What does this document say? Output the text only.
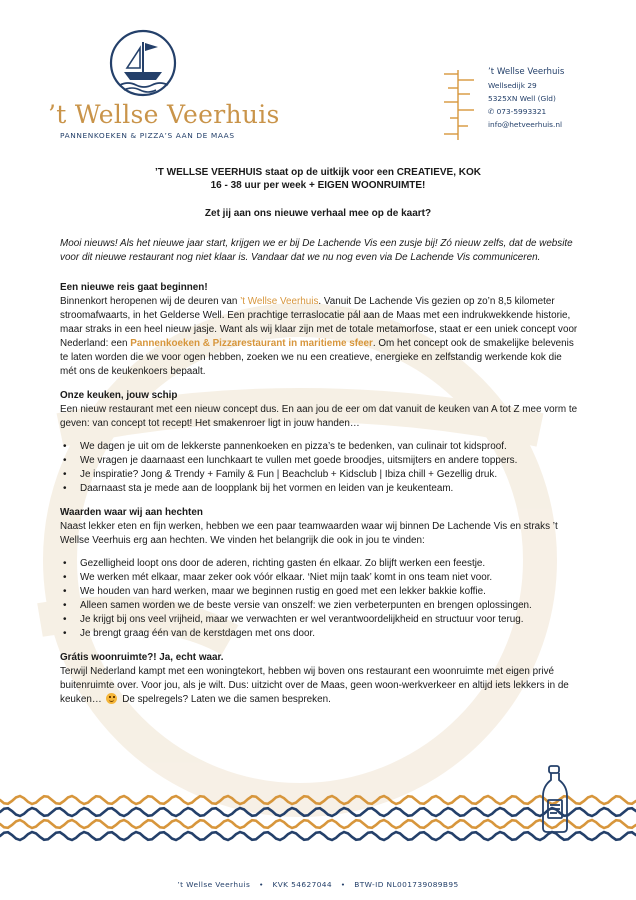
’t Wellse Veerhuis
PANNENKOEKEN & PIZZA’S AAN DE MAAS
’t Wellse Veerhuis
Wellsedijk 29
5325XN Well (Gld)
✆ 073-5993321
info@hetveerhuis.nl
’T WELLSE VEERHUIS staat op de uitkijk voor een CREATIEVE, KOK
16 - 38 uur per week + EIGEN WOONRUIMTE!
Zet jij aan ons nieuwe verhaal mee op de kaart?

Mooi nieuws! Als het nieuwe jaar start, krijgen we er bij De Lachende Vis een zusje bij! Zó nieuw zelfs, dat de website voor dit nieuwe restaurant nog niet klaar is. Vandaar dat we nu nog even via De Lachende Vis communiceren.

Een nieuwe reis gaat beginnen!

Binnenkort heropenen wij de deuren van ’t Wellse Veerhuis. Vanuit De Lachende Vis gezien op zo’n 8,5 kilometer stroomafwaarts, in het Gelderse Well. Een prachtige terraslocatie pál aan de Maas met een indrukwekkende historie, maar straks in een heel nieuw jasje. Want als wij klaar zijn met de totale metamorfose, staat er een uniek concept voor Nederland: een Pannenkoeken & Pizzarestaurant in maritieme sfeer. Om het concept ook de smakelijke belevenis te laten worden die we voor ogen hebben, zoeken we nu een creatieve, energieke en zelfstandig werkende kok die mét ons de keukenkoers bepaalt.

Onze keuken, jouw schip

Een nieuw restaurant met een nieuw concept dus. En aan jou de eer om dat vanuit de keuken van A tot Z mee vorm te geven: van concept tot recept! Het smakenroer ligt in jouw handen…

• We dagen je uit om de lekkerste pannenkoeken en pizza’s te bedenken, van culinair tot kidsproof.
• We vragen je daarnaast een lunchkaart te vullen met goede broodjes, uitsmijters en andere toppers.
• Je inspiratie? Jong & Trendy + Family & Fun | Beachclub + Kidsclub | Ibiza chill + Gezellig druk.
• Daarnaast sta je mede aan de loopplank bij het vormen en leiden van je keukenteam.

Waarden waar wij aan hechten

Naast lekker eten en fijn werken, hebben we een paar teamwaarden waar wij binnen De Lachende Vis en straks ’t Wellse Veerhuis erg aan hechten. We vinden het belangrijk die ook in jou te vinden:

• Gezelligheid loopt ons door de aderen, richting gasten én elkaar. Zo blijft werken een feestje.
• We werken mét elkaar, maar zeker ook vóór elkaar. ‘Niet mijn taak’ komt in ons team niet voor.
• We houden van hard werken, maar we beginnen rustig en goed met een lekker bakkie koffie.
• Alleen samen worden we de beste versie van onszelf: we zien verbeterpunten en brengen oplossingen.
• Je krijgt bij ons veel vrijheid, maar we verwachten er wel verantwoordelijkheid en structuur voor terug.
• Je brengt graag één van de kerstdagen met ons door.

Grátis woonruimte?! Ja, echt waar.

Terwijl Nederland kampt met een woningtekort, hebben wij boven ons restaurant een woonruimte met eigen privé buitenruimte over. Voor jou, als je wilt. Dus: uitzicht over de Maas, geen woon-werkverkeer en altijd iets lekkers in de keuken…  De spelregels? Laten we die samen bespreken.

’t Wellse Veerhuis • KVK 54627044 • BTW-ID NL001739089B95
